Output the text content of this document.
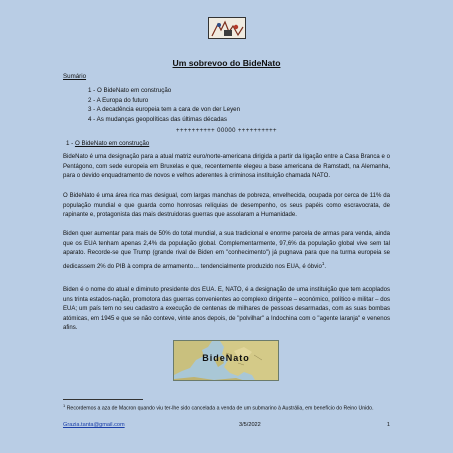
Um sobrevoo do BideNato
Sumário
1 - O BideNato em construção
2 - A Europa do futuro
3 - A decadência europeia tem a cara de von der Leyen
4 - As mudanças geopolíticas das últimas décadas
++++++++++ 00000 ++++++++++
1 - O BideNato em construção

BideNato é uma designação para a atual matriz euro/norte-americana dirigida a partir da ligação entre a Casa Branca e o Pentágono, com sede europeia em Bruxelas e que, recentemente elegeu a base americana de Ramstadt, na Alemanha, para o devido enquadramento de novos e velhos aderentes à criminosa instituição chamada NATO.

O BideNato é uma área rica mas desigual, com largas manchas de pobreza, envelhecida, ocupada por cerca de 11% da população mundial e que guarda como honrosas relíquias de desempenho, os seus papéis como escravocrata, de rapinante e, protagonista das mais destruidoras guerras que assolaram a Humanidade.

Biden quer aumentar para mais de 50% do total mundial, a sua tradicional e enorme parcela de armas para venda, ainda que os EUA tenham apenas 2,4% da população global. Complementarmente, 97,6% da população global vive sem tal aparato. Recorde-se que Trump (grande rival de Biden em "conhecimento") já pugnava para que na turma europeia se dedicassem 2% do PIB à compra de armamento… tendencialmente produzido nos EUA, é óbvio$^1$.

Biden é o nome do atual e diminuto presidente dos EUA. E, NATO, é a designação de uma instituição que tem acoplados uns trinta estados-nação, promotora das guerras convenientes ao complexo dirigente – económico, político e militar – dos EUA; um país tem no seu cadastro a execução de centenas de milhares de pessoas desarmadas, com as suas bombas atómicas, em 1945 e que se não conteve, vinte anos depois, de "polvilhar" a Indochina com o "agente laranja" e venenos afins.

BideNato

$^1$ Recordemos a aza de Macron quando viu ter-lhe sido cancelada a venda de um submarino à Austrália, em benefício do Reino Unido.

Grazia.tanta@gmail.com	3/5/2022	1
